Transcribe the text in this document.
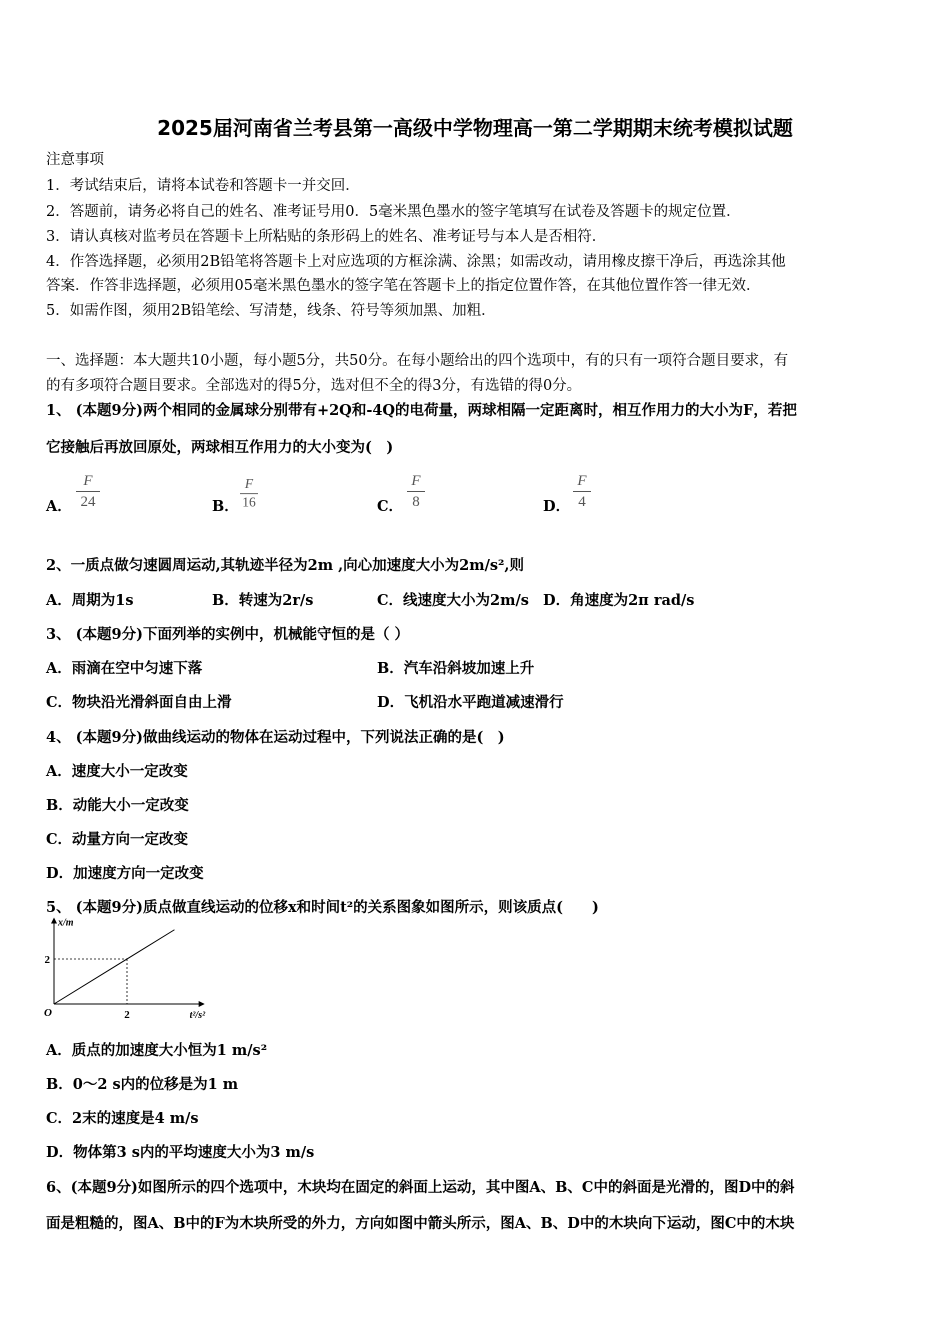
2025届河南省兰考县第一高级中学物理高一第二学期期末统考模拟试题
注意事项
1．考试结束后，请将本试卷和答题卡一并交回．
2．答题前，请务必将自己的姓名、准考证号用0．5毫米黑色墨水的签字笔填写在试卷及答题卡的规定位置．
3．请认真核对监考员在答题卡上所粘贴的条形码上的姓名、准考证号与本人是否相符．
4．作答选择题，必须用2B铅笔将答题卡上对应选项的方框涂满、涂黑；如需改动，请用橡皮擦干净后，再选涂其他
答案．作答非选择题，必须用05毫米黑色墨水的签字笔在答题卡上的指定位置作答，在其他位置作答一律无效．
5．如需作图，须用2B铅笔绘、写清楚，线条、符号等须加黑、加粗．
一、选择题：本大题共10小题，每小题5分，共50分。在每小题给出的四个选项中，有的只有一项符合题目要求，有
的有多项符合题目要求。全部选对的得5分，选对但不全的得3分，有选错的得0分。
1、 (本题9分)两个相同的金属球分别带有+2Q和-4Q的电荷量，两球相隔一定距离时，相互作用力的大小为F，若把
它接触后再放回原处，两球相互作用力的大小变为(　)
A．
F
24	B．
F
16	C．
F
8	D．
F
4
2、一质点做匀速圆周运动,其轨迹半径为2m ,向心加速度大小为2m/s²,则
A．周期为1s	B．转速为2r/s	C．线速度大小为2m/s D．角速度为2π rad/s
3、 (本题9分)下面列举的实例中，机械能守恒的是（ ）
A．雨滴在空中匀速下落	B．汽车沿斜坡加速上升
C．物块沿光滑斜面自由上滑	D．飞机沿水平跑道减速滑行
4、 (本题9分)做曲线运动的物体在运动过程中，下列说法正确的是(　)
A．速度大小一定改变
B．动能大小一定改变
C．动量方向一定改变
D．加速度方向一定改变
5、 (本题9分)质点做直线运动的位移x和时间t²的关系图象如图所示，则该质点(　　)
x/m
t²/s²
O
2
2
A．质点的加速度大小恒为1 m/s²
B．0～2 s内的位移是为1 m
C．2末的速度是4 m/s
D．物体第3 s内的平均速度大小为3 m/s
6、(本题9分)如图所示的四个选项中，木块均在固定的斜面上运动，其中图A、B、C中的斜面是光滑的，图D中的斜
面是粗糙的，图A、B中的F为木块所受的外力，方向如图中箭头所示，图A、B、D中的木块向下运动，图C中的木块
